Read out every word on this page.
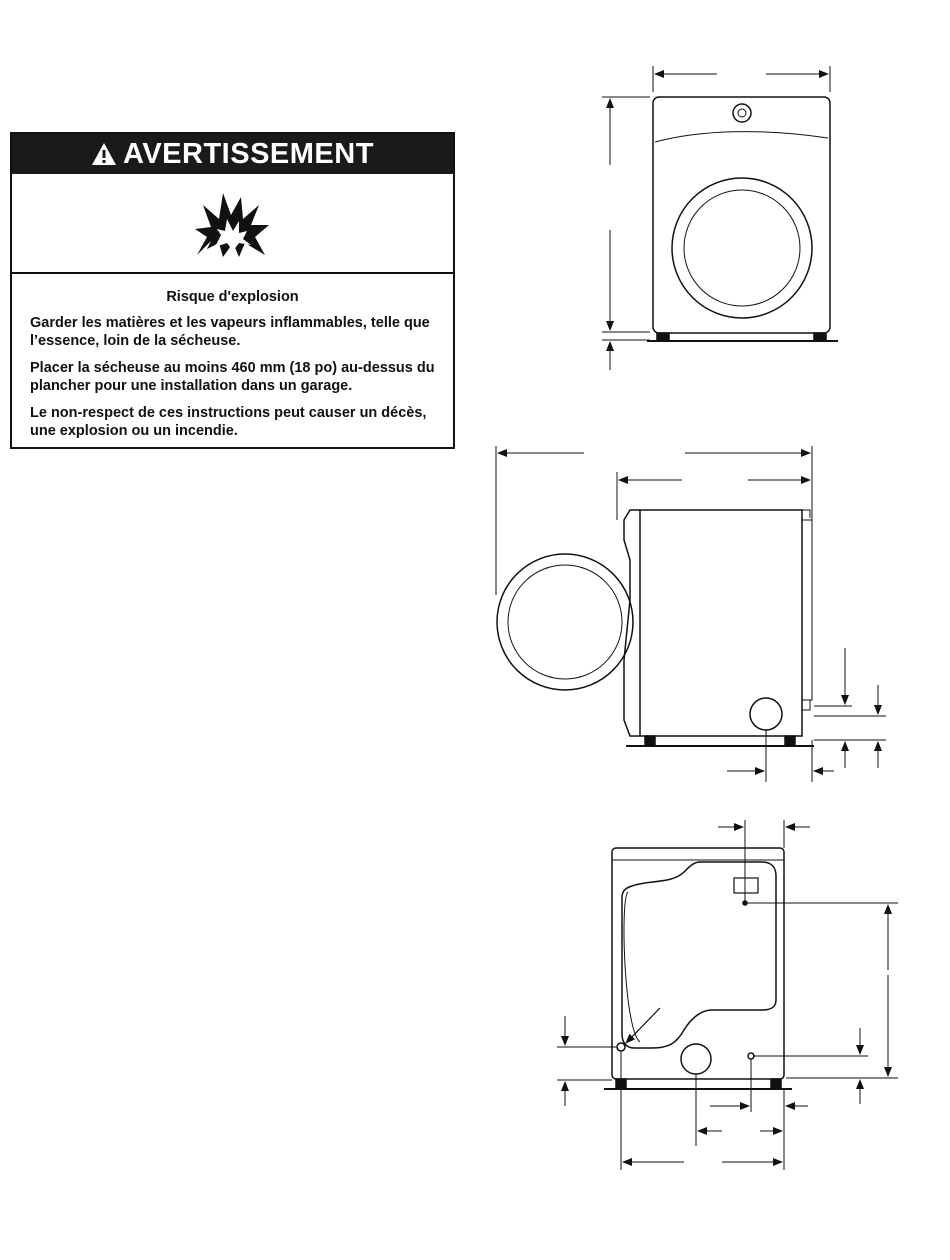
AVERTISSEMENT
Risque d'explosion

Garder les matières et les vapeurs inflammables, telle que l’essence, loin de la sécheuse.

Placer la sécheuse au moins 460 mm (18 po) au-dessus du plancher pour une installation dans un garage.

Le non-respect de ces instructions peut causer un décès, une explosion ou un incendie.
